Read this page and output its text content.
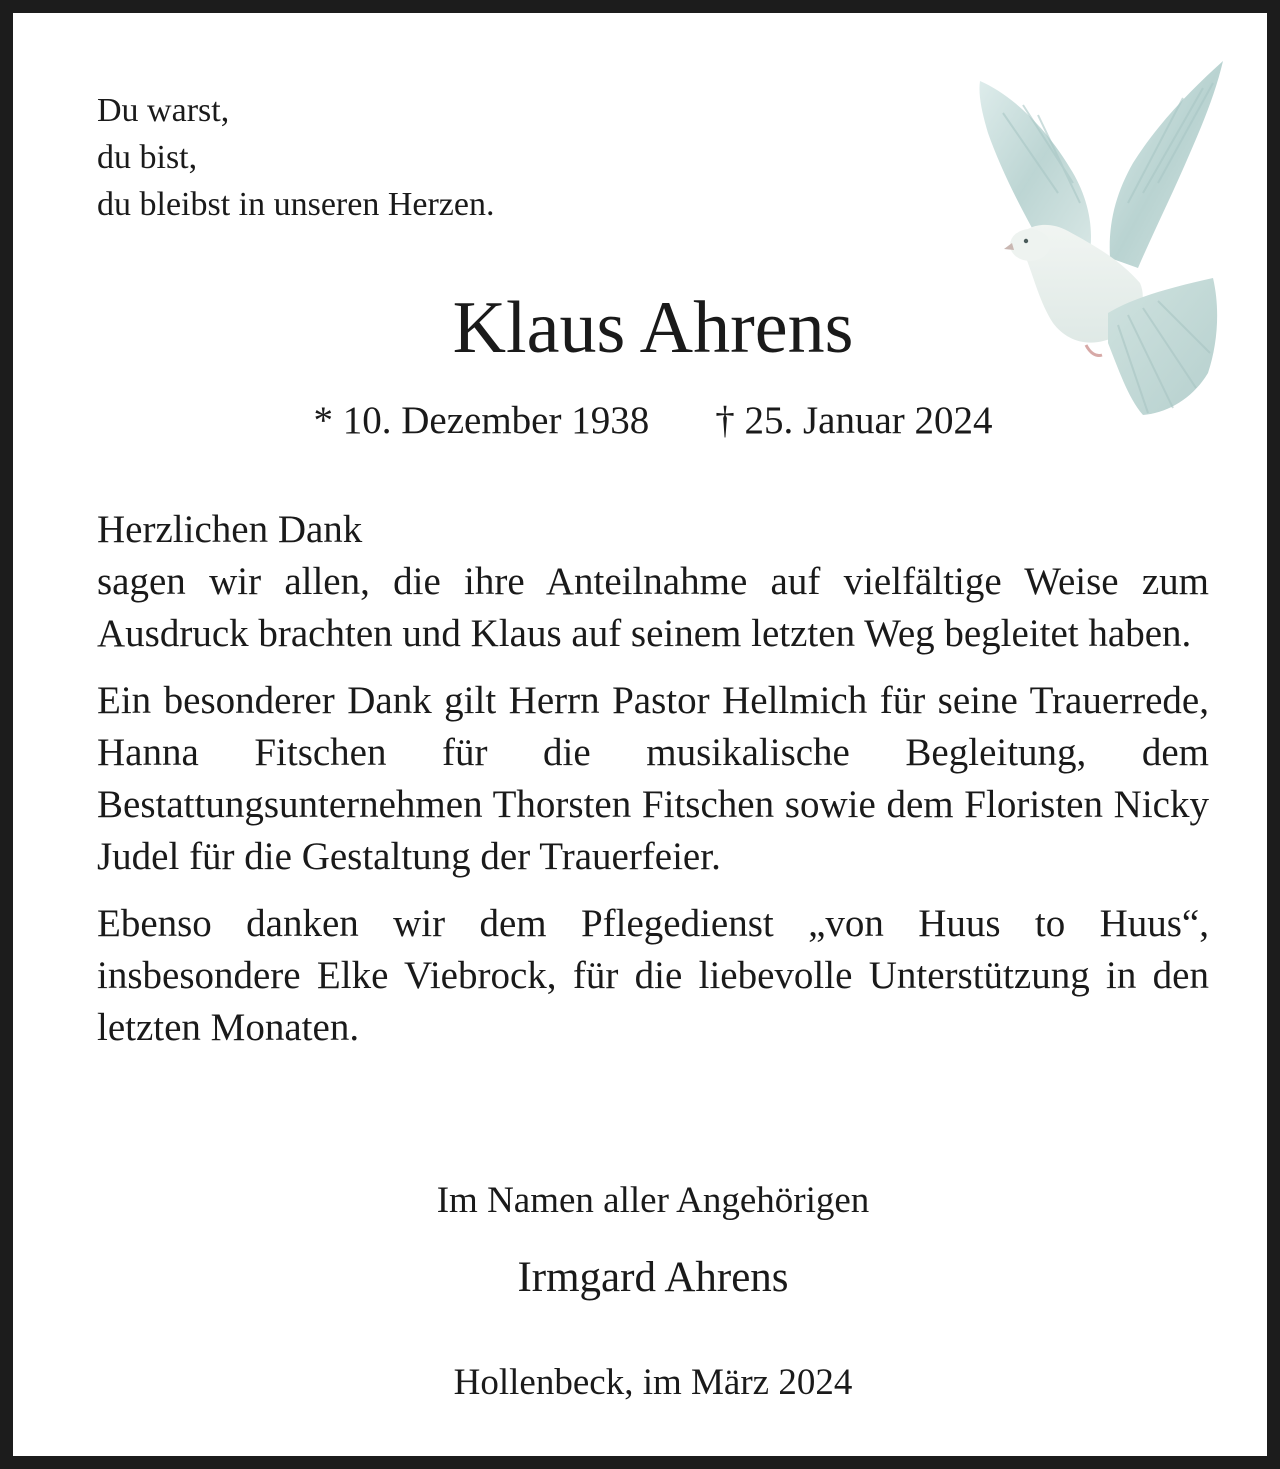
Du warst,
du bist,
du bleibst in unseren Herzen.
Klaus Ahrens
* 10. Dezember 1938 † 25. Januar 2024

Herzlichen Dank
sagen wir allen, die ihre Anteilnahme auf vielfältige Weise zum Ausdruck brachten und Klaus auf seinem letzten Weg begleitet haben.

Ein besonderer Dank gilt Herrn Pastor Hellmich für seine Trauerrede, Hanna Fitschen für die musikalische Begleitung, dem Bestattungsunternehmen Thorsten Fitschen sowie dem Floristen Nicky Judel für die Gestaltung der Trauerfeier.

Ebenso danken wir dem Pflegedienst „von Huus to Huus“, insbesondere Elke Viebrock, für die liebevolle Unterstützung in den letzten Monaten.

Im Namen aller Angehörigen
Irmgard Ahrens
Hollenbeck, im März 2024
